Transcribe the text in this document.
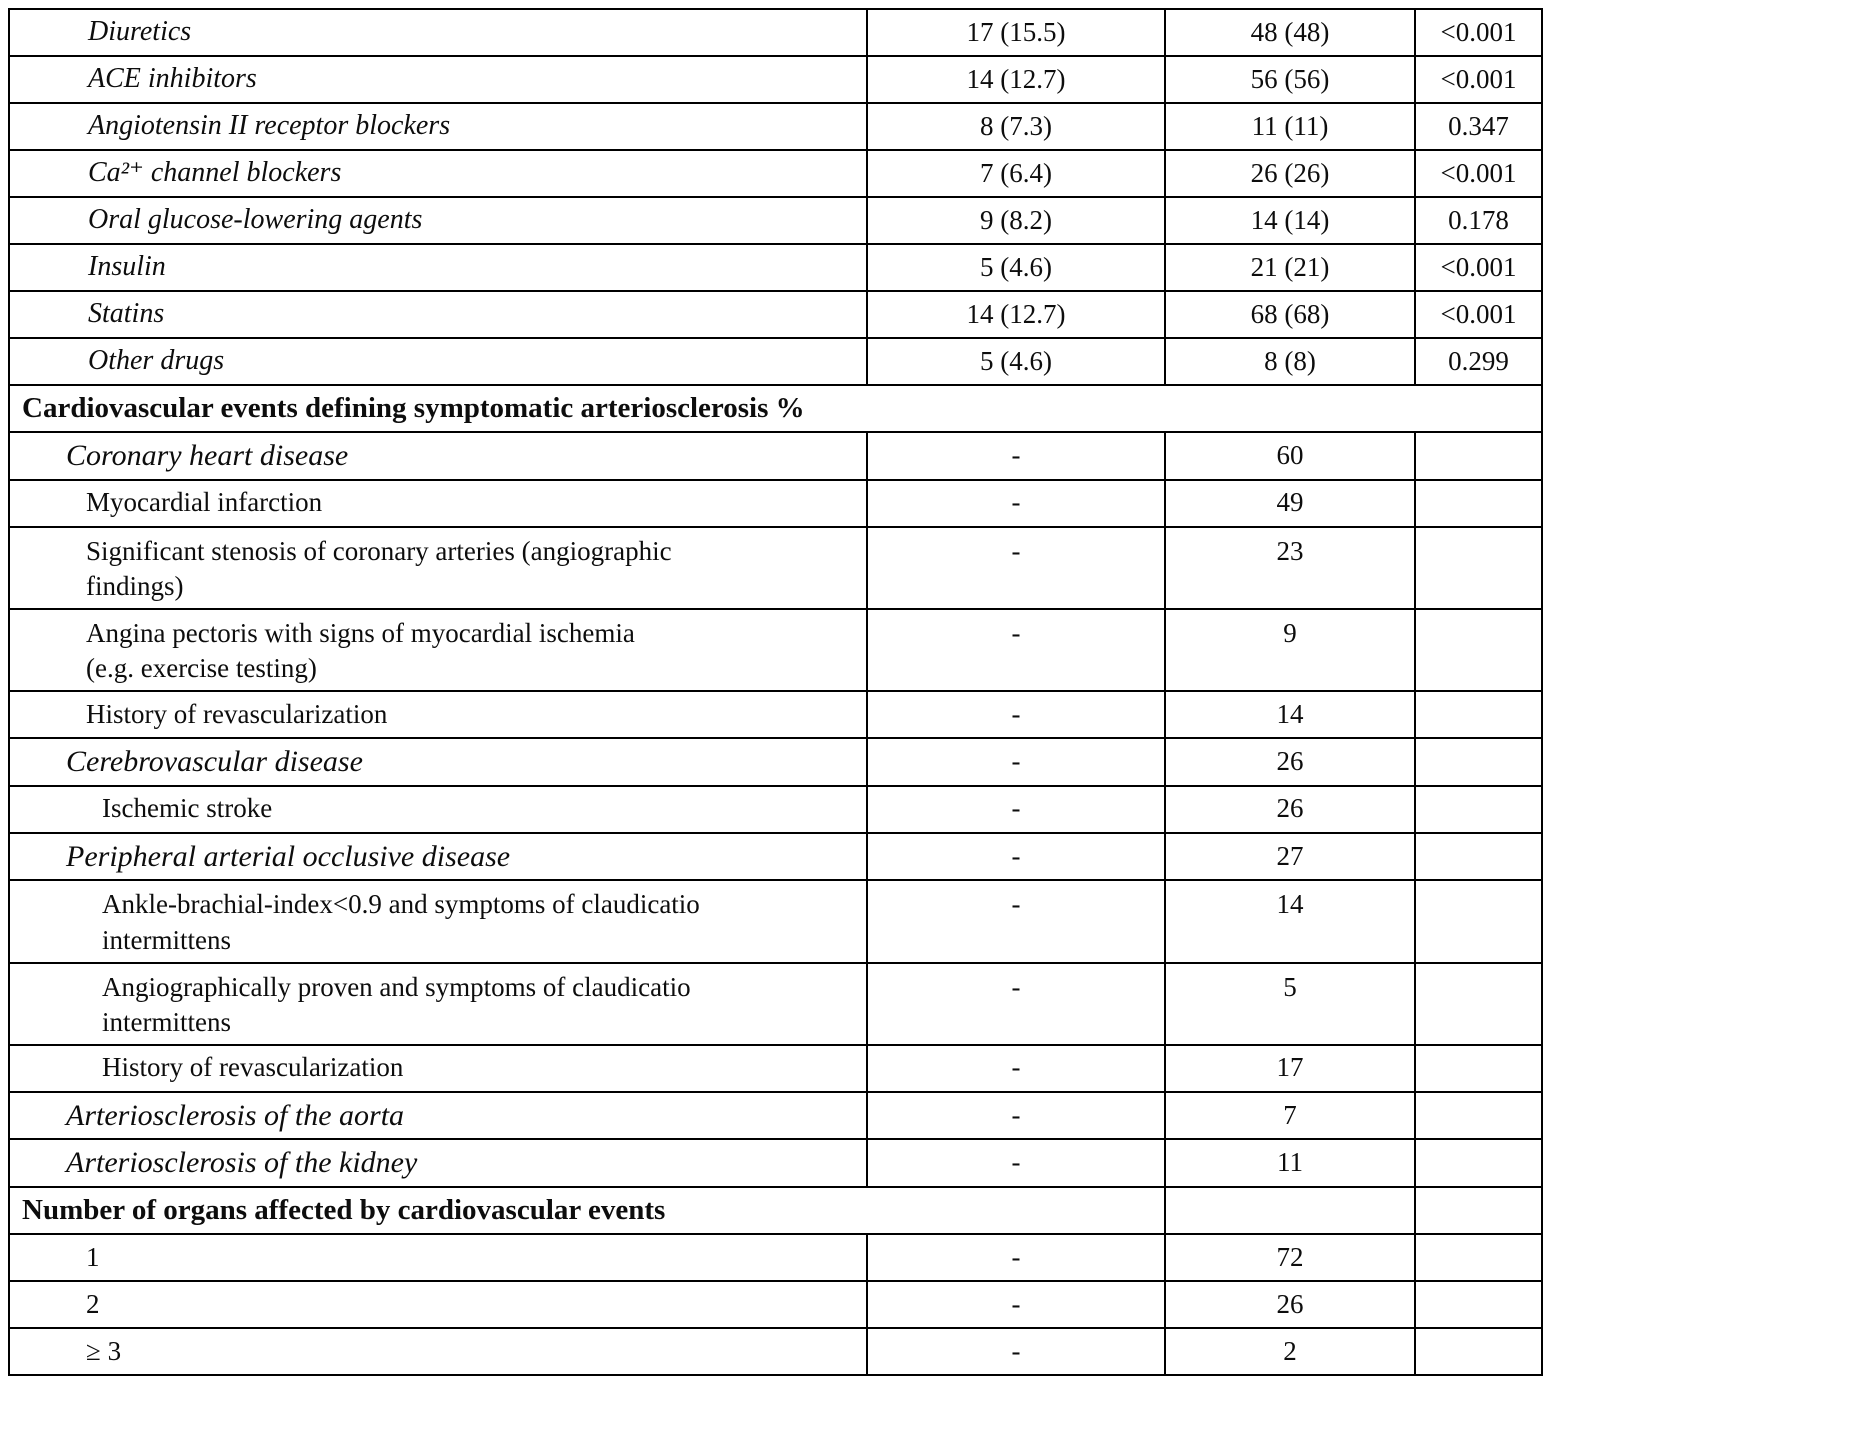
Diuretics	17 (15.5)	48 (48)	<0.001
ACE inhibitors	14 (12.7)	56 (56)	<0.001
Angiotensin II receptor blockers	8 (7.3)	11 (11)	0.347
Ca²⁺ channel blockers	7 (6.4)	26 (26)	<0.001
Oral glucose-lowering agents	9 (8.2)	14 (14)	0.178
Insulin	5 (4.6)	21 (21)	<0.001
Statins	14 (12.7)	68 (68)	<0.001
Other drugs	5 (4.6)	8 (8)	0.299
Cardiovascular events defining symptomatic arteriosclerosis %			
Coronary heart disease	-	60	
Myocardial infarction	-	49	
Significant stenosis of coronary arteries (angiographic
findings)	-	23	
Angina pectoris with signs of myocardial ischemia
(e.g. exercise testing)	-	9	
History of revascularization	-	14	
Cerebrovascular disease	-	26	
Ischemic stroke	-	26	
Peripheral arterial occlusive disease	-	27	
Ankle-brachial-index<0.9 and symptoms of claudicatio
intermittens	-	14	
Angiographically proven and symptoms of claudicatio
intermittens	-	5	
History of revascularization	-	17	
Arteriosclerosis of the aorta	-	7	
Arteriosclerosis of the kidney	-	11	
Number of organs affected by cardiovascular events			
1	-	72	
2	-	26	
≥ 3	-	2	
